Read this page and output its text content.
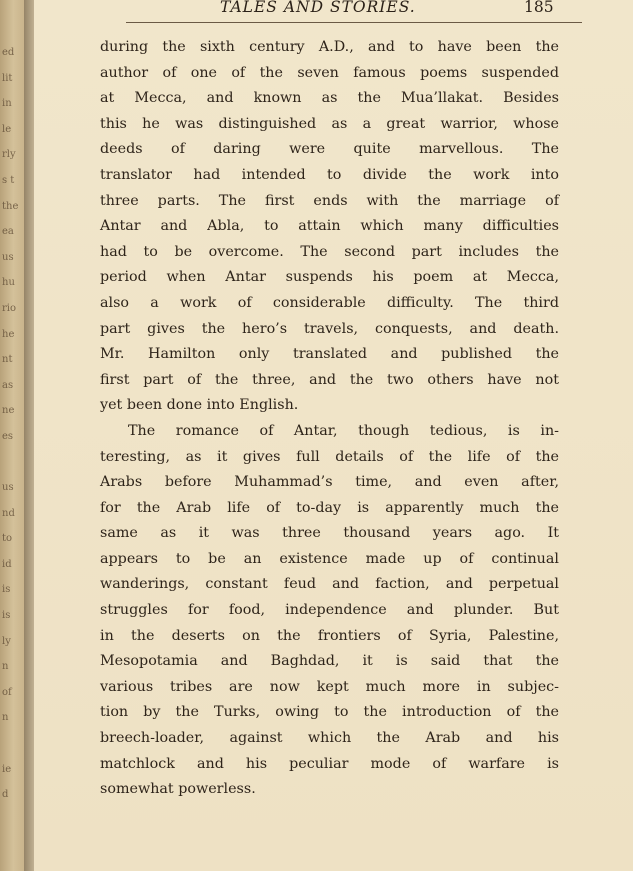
ed
lit
in
le
rly
s t
the
ea
us
hu
rio
he
nt
as
ne
es

us
nd
to
id
is
is
ly
n
of
n

ie
d
TALES AND STORIES.	185
during the sixth century A.D., and to have been the
author of one of the seven famous poems suspended
at Mecca, and known as the Mua’llakat. Besides
this he was distinguished as a great warrior, whose
deeds of daring were quite marvellous. The
translator had intended to divide the work into
three parts. The first ends with the marriage of
Antar and Abla, to attain which many difficulties
had to be overcome. The second part includes the
period when Antar suspends his poem at Mecca,
also a work of considerable difficulty. The third
part gives the hero’s travels, conquests, and death.
Mr. Hamilton only translated and published the
first part of the three, and the two others have not
yet been done into English.
The romance of Antar, though tedious, is in-
teresting, as it gives full details of the life of the
Arabs before Muhammad’s time, and even after,
for the Arab life of to-day is apparently much the
same as it was three thousand years ago. It
appears to be an existence made up of continual
wanderings, constant feud and faction, and perpetual
struggles for food, independence and plunder. But
in the deserts on the frontiers of Syria, Palestine,
Mesopotamia and Baghdad, it is said that the
various tribes are now kept much more in subjec-
tion by the Turks, owing to the introduction of the
breech-loader, against which the Arab and his
matchlock and his peculiar mode of warfare is
somewhat powerless.
